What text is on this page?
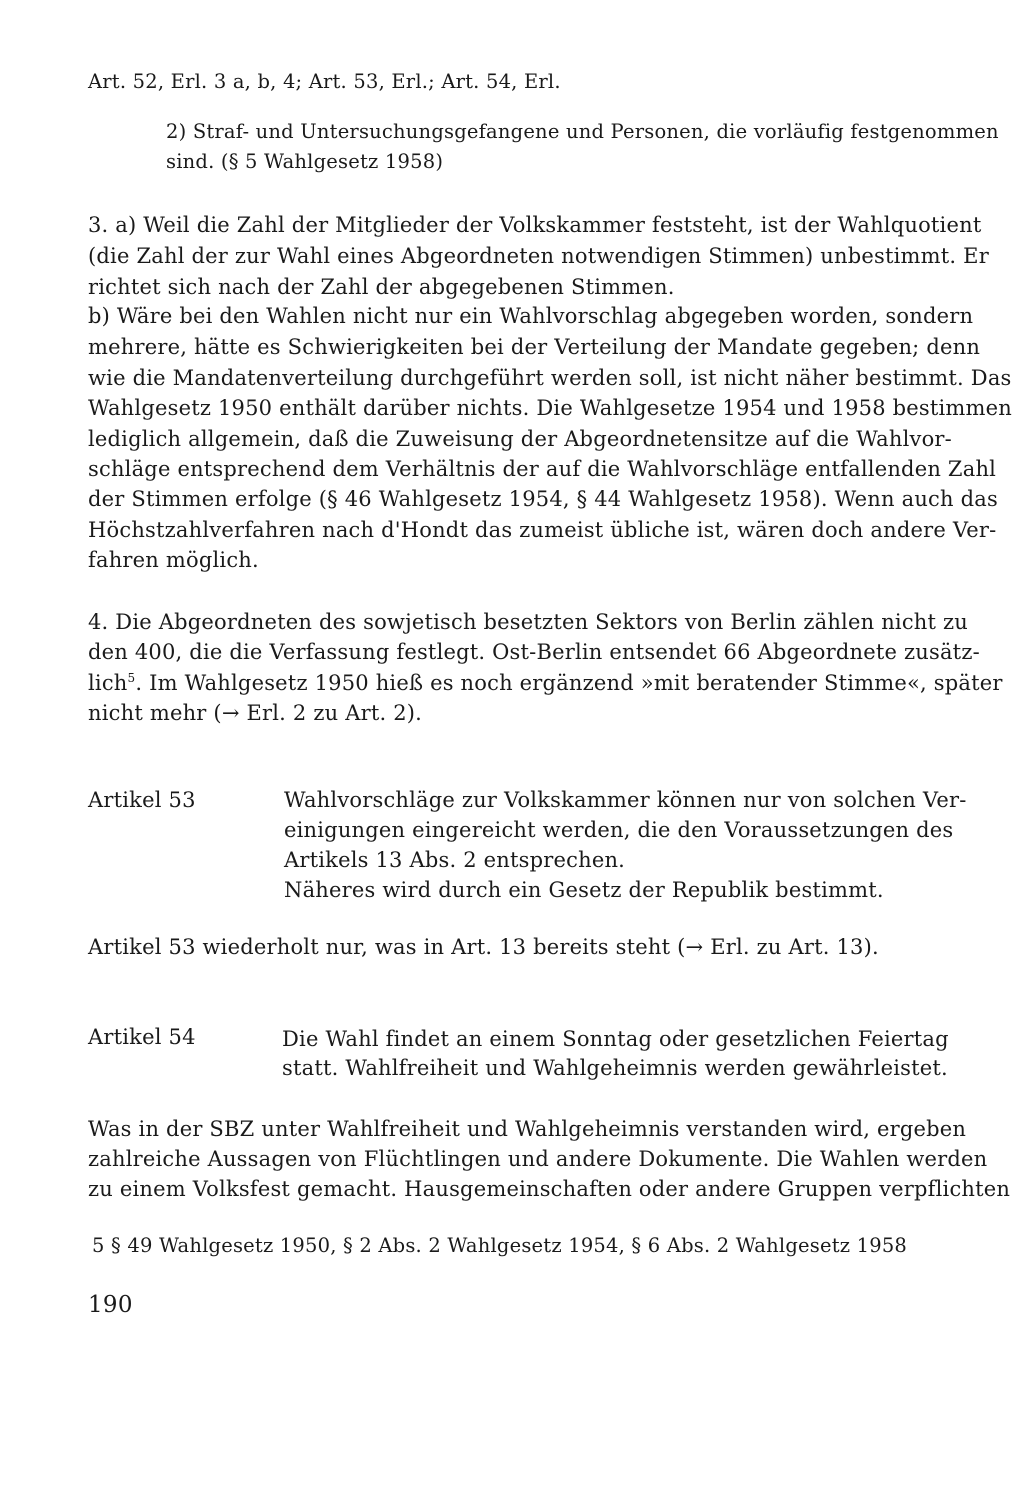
Art. 52, Erl. 3 a, b, 4; Art. 53, Erl.; Art. 54, Erl.
2) Straf- und Untersuchungsgefangene und Personen, die vorläufig festgenommen
sind. (§ 5 Wahlgesetz 1958)
3. a) Weil die Zahl der Mitglieder der Volkskammer feststeht, ist der Wahlquotient
(die Zahl der zur Wahl eines Abgeordneten notwendigen Stimmen) unbestimmt. Er
richtet sich nach der Zahl der abgegebenen Stimmen.
b) Wäre bei den Wahlen nicht nur ein Wahlvorschlag abgegeben worden, sondern
mehrere, hätte es Schwierigkeiten bei der Verteilung der Mandate gegeben; denn
wie die Mandatenverteilung durchgeführt werden soll, ist nicht näher bestimmt. Das
Wahlgesetz 1950 enthält darüber nichts. Die Wahlgesetze 1954 und 1958 bestimmen
lediglich allgemein, daß die Zuweisung der Abgeordnetensitze auf die Wahlvor-
schläge entsprechend dem Verhältnis der auf die Wahlvorschläge entfallenden Zahl
der Stimmen erfolge (§ 46 Wahlgesetz 1954, § 44 Wahlgesetz 1958). Wenn auch das
Höchstzahlverfahren nach d'Hondt das zumeist übliche ist, wären doch andere Ver-
fahren möglich.
4. Die Abgeordneten des sowjetisch besetzten Sektors von Berlin zählen nicht zu
den 400, die die Verfassung festlegt. Ost-Berlin entsendet 66 Abgeordnete zusätz-
lich$^5$. Im Wahlgesetz 1950 hieß es noch ergänzend »mit beratender Stimme«, später
nicht mehr (→ Erl. 2 zu Art. 2).
Artikel 53	Wahlvorschläge zur Volkskammer können nur von solchen Ver-
einigungen eingereicht werden, die den Voraussetzungen des
Artikels 13 Abs. 2 entsprechen.
Näheres wird durch ein Gesetz der Republik bestimmt.
Artikel 53 wiederholt nur, was in Art. 13 bereits steht (→ Erl. zu Art. 13).
Artikel 54	Die Wahl findet an einem Sonntag oder gesetzlichen Feiertag
statt. Wahlfreiheit und Wahlgeheimnis werden gewährleistet.
Was in der SBZ unter Wahlfreiheit und Wahlgeheimnis verstanden wird, ergeben
zahlreiche Aussagen von Flüchtlingen und andere Dokumente. Die Wahlen werden
zu einem Volksfest gemacht. Hausgemeinschaften oder andere Gruppen verpflichten
5 § 49 Wahlgesetz 1950, § 2 Abs. 2 Wahlgesetz 1954, § 6 Abs. 2 Wahlgesetz 1958
190
